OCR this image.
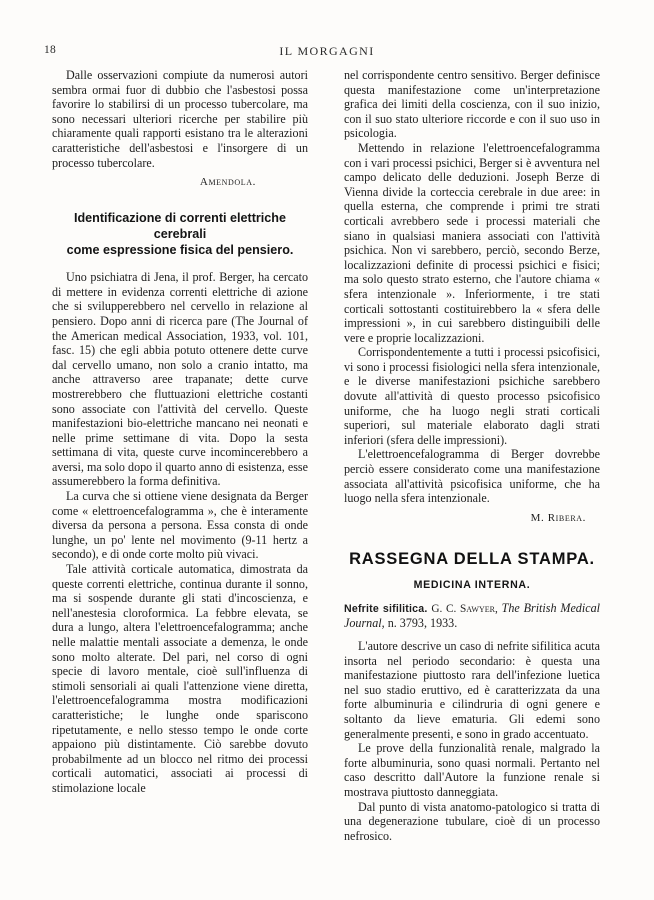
18	IL MORGAGNI

Dalle osservazioni compiute da numerosi autori sembra ormai fuor di dubbio che l'asbestosi possa favorire lo stabilirsi di un processo tubercolare, ma sono necessari ulteriori ricerche per stabilire più chiaramente quali rapporti esistano tra le alterazioni caratteristiche dell'asbestosi e l'insorgere di un processo tubercolare.

Amendola.
Identificazione di correnti elettriche cerebrali
come espressione fisica del pensiero.

Uno psichiatra di Jena, il prof. Berger, ha cercato di mettere in evidenza correnti elettriche di azione che si svilupperebbero nel cervello in relazione al pensiero. Dopo anni di ricerca pare (The Journal of the American medical Association, 1933, vol. 101, fasc. 15) che egli abbia potuto ottenere dette curve dal cervello umano, non solo a cranio intatto, ma anche attraverso aree trapanate; dette curve mostrerebbero che fluttuazioni elettriche costanti sono associate con l'attività del cervello. Queste manifestazioni bio-elettriche mancano nei neonati e nelle prime settimane di vita. Dopo la sesta settimana di vita, queste curve incomincerebbero a aversi, ma solo dopo il quarto anno di esistenza, esse assumerebbero la forma definitiva.

La curva che si ottiene viene designata da Berger come « elettroencefalogramma », che è interamente diversa da persona a persona. Essa consta di onde lunghe, un po' lente nel movimento (9-11 hertz a secondo), e di onde corte molto più vivaci.

Tale attività corticale automatica, dimostrata da queste correnti elettriche, continua durante il sonno, ma si sospende durante gli stati d'incoscienza, e nell'anestesia cloroformica. La febbre elevata, se dura a lungo, altera l'elettroencefalogramma; anche nelle malattie mentali associate a demenza, le onde sono molto alterate. Del pari, nel corso di ogni specie di lavoro mentale, cioè sull'influenza di stimoli sensoriali ai quali l'attenzione viene diretta, l'elettroencefalogramma mostra modificazioni caratteristiche; le lunghe onde spariscono ripetutamente, e nello stesso tempo le onde corte appaiono più distintamente. Ciò sarebbe dovuto probabilmente ad un blocco nel ritmo dei processi corticali automatici, associati ai processi di stimolazione locale

nel corrispondente centro sensitivo. Berger definisce questa manifestazione come un'interpretazione grafica dei limiti della coscienza, con il suo inizio, con il suo stato ulteriore riccorde e con il suo uso in psicologia.

Mettendo in relazione l'elettroencefalogramma con i vari processi psichici, Berger si è avventura nel campo delicato delle deduzioni. Joseph Berze di Vienna divide la corteccia cerebrale in due aree: in quella esterna, che comprende i primi tre strati corticali avrebbero sede i processi materiali che siano in qualsiasi maniera associati con l'attività psichica. Non vi sarebbero, perciò, secondo Berze, localizzazioni definite di processi psichici e fisici; ma solo questo strato esterno, che l'autore chiama « sfera intenzionale ». Inferiormente, i tre stati corticali sottostanti costituirebbero la « sfera delle impressioni », in cui sarebbero distinguibili delle vere e proprie localizzazioni.

Corrispondentemente a tutti i processi psicofisici, vi sono i processi fisiologici nella sfera intenzionale, e le diverse manifestazioni psichiche sarebbero dovute all'attività di questo processo psicofisico uniforme, che ha luogo negli strati corticali superiori, sul materiale elaborato dagli strati inferiori (sfera delle impressioni).

L'elettroencefalogramma di Berger dovrebbe perciò essere considerato come una manifestazione associata all'attività psicofisica uniforme, che ha luogo nella sfera intenzionale.

M. Ribera.
RASSEGNA DELLA STAMPA.
MEDICINA INTERNA.
Nefrite sifilitica. G. C. Sawyer, The British Medical Journal, n. 3793, 1933.

L'autore descrive un caso di nefrite sifilitica acuta insorta nel periodo secondario: è questa una manifestazione piuttosto rara dell'infezione luetica nel suo stadio eruttivo, ed è caratterizzata da una forte albuminuria e cilindruria di ogni genere e soltanto da lieve ematuria. Gli edemi sono generalmente presenti, e sono in grado accentuato.

Le prove della funzionalità renale, malgrado la forte albuminuria, sono quasi normali. Pertanto nel caso descritto dall'Autore la funzione renale si mostrava piuttosto danneggiata.

Dal punto di vista anatomo-patologico si tratta di una degenerazione tubulare, cioè di un processo nefrosico.
